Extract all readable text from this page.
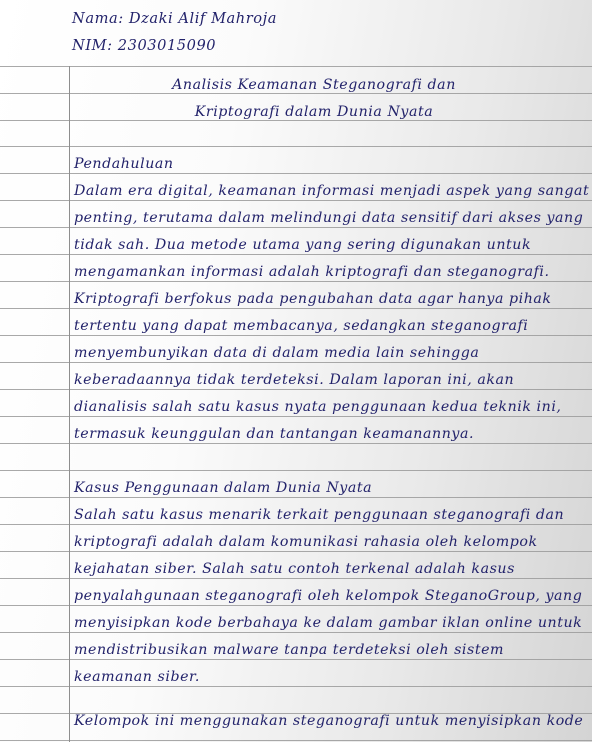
Nama: Dzaki Alif Mahroja
NIM: 2303015090
Analisis Keamanan Steganografi dan
Kriptografi dalam Dunia Nyata
Pendahuluan
Dalam era digital, keamanan informasi menjadi aspek yang sangat
penting, terutama dalam melindungi data sensitif dari akses yang
tidak sah. Dua metode utama yang sering digunakan untuk
mengamankan informasi adalah kriptografi dan steganografi.
Kriptografi berfokus pada pengubahan data agar hanya pihak
tertentu yang dapat membacanya, sedangkan steganografi
menyembunyikan data di dalam media lain sehingga
keberadaannya tidak terdeteksi. Dalam laporan ini, akan
dianalisis salah satu kasus nyata penggunaan kedua teknik ini,
termasuk keunggulan dan tantangan keamanannya.
Kasus Penggunaan dalam Dunia Nyata
Salah satu kasus menarik terkait penggunaan steganografi dan
kriptografi adalah dalam komunikasi rahasia oleh kelompok
kejahatan siber. Salah satu contoh terkenal adalah kasus
penyalahgunaan steganografi oleh kelompok SteganoGroup, yang
menyisipkan kode berbahaya ke dalam gambar iklan online untuk
mendistribusikan malware tanpa terdeteksi oleh sistem
keamanan siber.
Kelompok ini menggunakan steganografi untuk menyisipkan kode
